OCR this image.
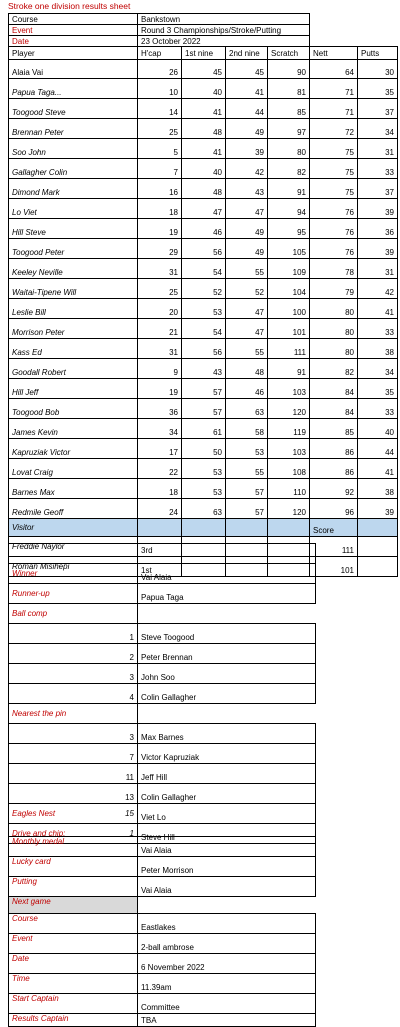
Stroke one division results sheet
Course	Bankstown					
Event	Round 3 Championships/Stroke/Putting					
Date	23 October 2022					
Player	H'cap	1st nine	2nd nine	Scratch	Nett	Putts
Alaia Vai	26	45	45	90	64	30
Papua Taga...	10	40	41	81	71	35
Toogood Steve	14	41	44	85	71	37
Brennan Peter	25	48	49	97	72	34
Soo John	5	41	39	80	75	31
Gallagher Colin	7	40	42	82	75	33
Dimond Mark	16	48	43	91	75	37
Lo Viet	18	47	47	94	76	39
Hill Steve	19	46	49	95	76	36
Toogood Peter	29	56	49	105	76	39
Keeley Neville	31	54	55	109	78	31
Waitai-Tipene Will	25	52	52	104	79	42
Leslie Bill	20	53	47	100	80	41
Morrison Peter	21	54	47	101	80	33
Kass Ed	31	56	55	111	80	38
Goodall Robert	9	43	48	91	82	34
Hill Jeff	19	57	46	103	84	35
Toogood Bob	36	57	63	120	84	33
James Kevin	34	61	58	119	85	40
Kapruziak Victor	17	50	53	103	86	44
Lovat Craig	22	53	55	108	86	41
Barnes Max	18	53	57	110	92	38
Redmile Geoff	24	63	57	120	96	39
Visitor					Score	
Freddie Naylor	3rd				111	
Roman Misihepi	1st				101	

Winner	Vai Alaia
Runner-up	Papua Taga
Ball comp	
1	Steve Toogood
2	Peter Brennan
3	John Soo
4	Colin Gallagher
Nearest the pin	
3	Max Barnes
7	Victor Kapruziak
11	Jeff Hill
13	Colin Gallagher
Eagles Nest 15	Viet Lo
Drive and chip: 1	Steve Hill
Monthly medal	Vai Alaia
Lucky card	Peter Morrison
Putting	Vai Alaia
Next game	
Course	Eastlakes
Event	2-ball ambrose
Date	6 November 2022
Time	11.39am
Start Captain	Committee
Results Captain	TBA
